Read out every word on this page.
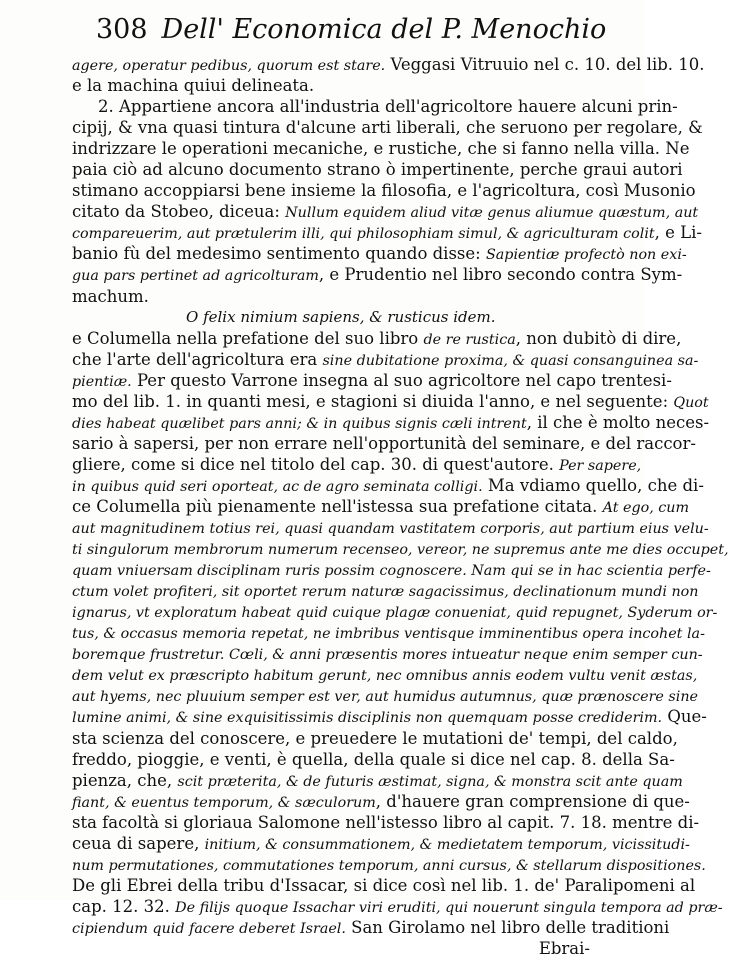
308 Dell' Economica del P. Menochio
agere, operatur pedibus, quorum est stare. Veggasi Vitruuio nel c. 10. del lib. 10.
e la machina quiui delineata.
2. Appartiene ancora all'industria dell'agricoltore hauere alcuni prin-
cipij, & vna quasi tintura d'alcune arti liberali, che seruono per regolare, &
indrizzare le operationi mecaniche, e rustiche, che si fanno nella villa. Ne
paia ciò ad alcuno documento strano ò impertinente, perche graui autori
stimano accoppiarsi bene insieme la filosofia, e l'agricoltura, così Musonio
citato da Stobeo, diceua: Nullum equidem aliud vitæ genus aliumue quæstum, aut
compareuerim, aut prætulerim illi, qui philosophiam simul, & agriculturam colit, e Li-
banio fù del medesimo sentimento quando disse: Sapientiæ profectò non exi-
gua pars pertinet ad agricolturam, e Prudentio nel libro secondo contra Sym-
machum.
O felix nimium sapiens, & rusticus idem.
e Columella nella prefatione del suo libro de re rustica, non dubitò di dire,
che l'arte dell'agricoltura era sine dubitatione proxima, & quasi consanguinea sa-
pientiæ. Per questo Varrone insegna al suo agricoltore nel capo trentesi-
mo del lib. 1. in quanti mesi, e stagioni si diuida l'anno, e nel seguente: Quot
dies habeat quælibet pars anni; & in quibus signis cæli intrent, il che è molto neces-
sario à sapersi, per non errare nell'opportunità del seminare, e del raccor-
gliere, come si dice nel titolo del cap. 30. di quest'autore. Per sapere,
in quibus quid seri oporteat, ac de agro seminata colligi. Ma vdiamo quello, che di-
ce Columella più pienamente nell'istessa sua prefatione citata. At ego, cum
aut magnitudinem totius rei, quasi quandam vastitatem corporis, aut partium eius velu-
ti singulorum membrorum numerum recenseo, vereor, ne supremus ante me dies occupet,
quam vniuersam disciplinam ruris possim cognoscere. Nam qui se in hac scientia perfe-
ctum volet profiteri, sit oportet rerum naturæ sagacissimus, declinationum mundi non
ignarus, vt exploratum habeat quid cuique plagæ conueniat, quid repugnet, Syderum or-
tus, & occasus memoria repetat, ne imbribus ventisque imminentibus opera incohet la-
boremque frustretur. Cœli, & anni præsentis mores intueatur neque enim semper cun-
dem velut ex præscripto habitum gerunt, nec omnibus annis eodem vultu venit æstas,
aut hyems, nec pluuium semper est ver, aut humidus autumnus, quæ prænoscere sine
lumine animi, & sine exquisitissimis disciplinis non quemquam posse crediderim. Que-
sta scienza del conoscere, e preuedere le mutationi de' tempi, del caldo,
freddo, pioggie, e venti, è quella, della quale si dice nel cap. 8. della Sa-
pienza, che, scit præterita, & de futuris æstimat, signa, & monstra scit ante quam
fiant, & euentus temporum, & sæculorum, d'hauere gran comprensione di que-
sta facoltà si gloriaua Salomone nell'istesso libro al capit. 7. 18. mentre di-
ceua di sapere, initium, & consummationem, & medietatem temporum, vicissitudi-
num permutationes, commutationes temporum, anni cursus, & stellarum dispositiones.
De gli Ebrei della tribu d'Issacar, si dice così nel lib. 1. de' Paralipomeni al
cap. 12. 32. De filijs quoque Issachar viri eruditi, qui nouerunt singula tempora ad præ-
cipiendum quid facere deberet Israel. San Girolamo nel libro delle traditioni
Ebrai-
